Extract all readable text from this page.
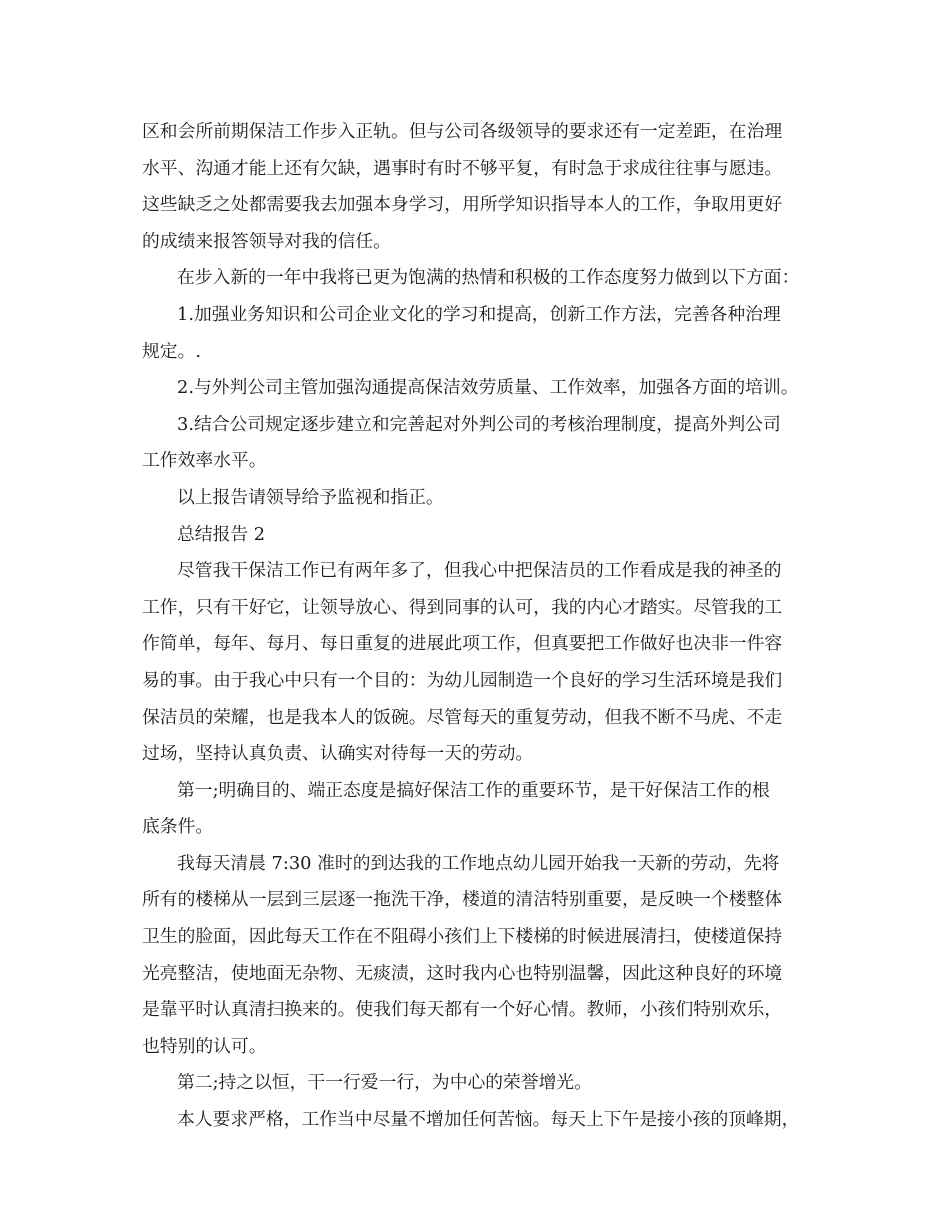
区和会所前期保洁工作步入正轨。但与公司各级领导的要求还有一定差距，在治理
水平、沟通才能上还有欠缺，遇事时有时不够平复，有时急于求成往往事与愿违。
这些缺乏之处都需要我去加强本身学习，用所学知识指导本人的工作，争取用更好
的成绩来报答领导对我的信任。
在步入新的一年中我将已更为饱满的热情和积极的工作态度努力做到以下方面：
1.加强业务知识和公司企业文化的学习和提高，创新工作方法，完善各种治理
规定。.
2.与外判公司主管加强沟通提高保洁效劳质量、工作效率，加强各方面的培训。
3.结合公司规定逐步建立和完善起对外判公司的考核治理制度，提高外判公司
工作效率水平。
以上报告请领导给予监视和指正。
总结报告 2
尽管我干保洁工作已有两年多了，但我心中把保洁员的工作看成是我的神圣的
工作，只有干好它，让领导放心、得到同事的认可，我的内心才踏实。尽管我的工
作简单，每年、每月、每日重复的进展此项工作，但真要把工作做好也决非一件容
易的事。由于我心中只有一个目的：为幼儿园制造一个良好的学习生活环境是我们
保洁员的荣耀，也是我本人的饭碗。尽管每天的重复劳动，但我不断不马虎、不走
过场，坚持认真负责、认确实对待每一天的劳动。
第一;明确目的、端正态度是搞好保洁工作的重要环节，是干好保洁工作的根
底条件。
我每天清晨 7:30 准时的到达我的工作地点幼儿园开始我一天新的劳动，先将
所有的楼梯从一层到三层逐一拖洗干净，楼道的清洁特别重要，是反映一个楼整体
卫生的脸面，因此每天工作在不阻碍小孩们上下楼梯的时候进展清扫，使楼道保持
光亮整洁，使地面无杂物、无痰渍，这时我内心也特别温馨，因此这种良好的环境
是靠平时认真清扫换来的。使我们每天都有一个好心情。教师，小孩们特别欢乐，
也特别的认可。
第二;持之以恒，干一行爱一行，为中心的荣誉增光。
本人要求严格，工作当中尽量不增加任何苦恼。每天上下午是接小孩的顶峰期，
